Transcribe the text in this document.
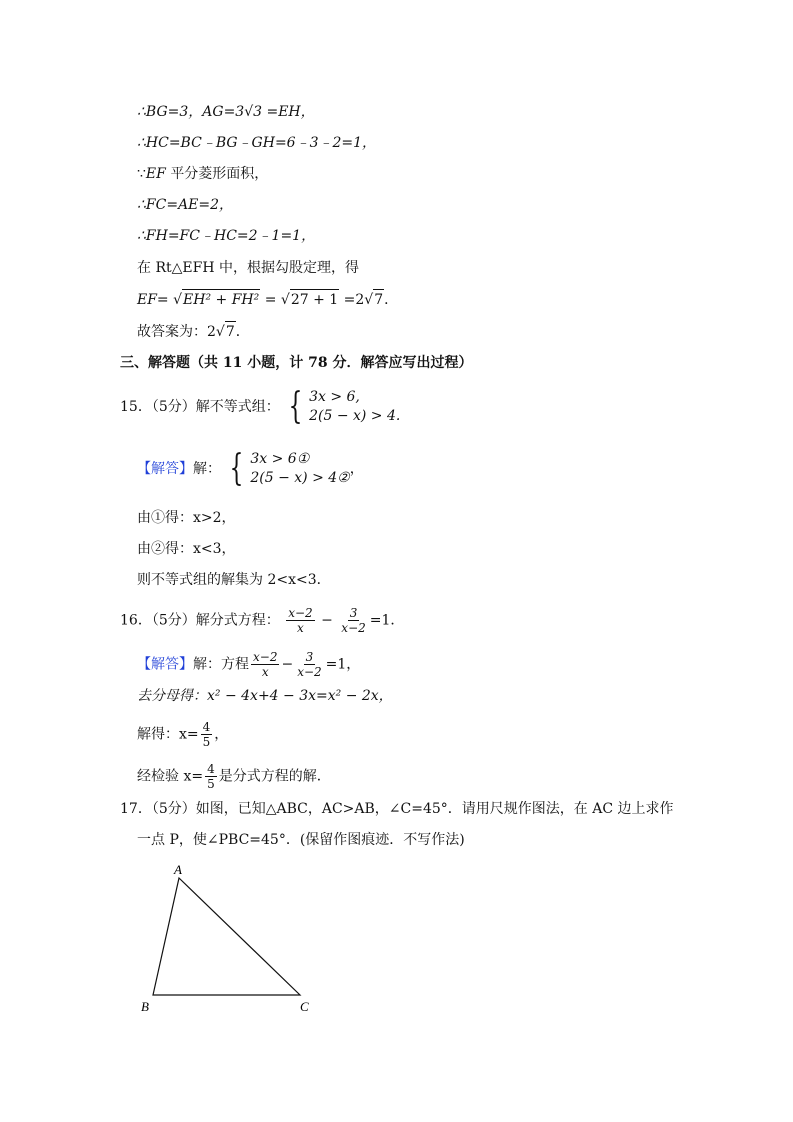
∴BG=3，AG=3√3 =EH，
∴HC=BC﹣BG﹣GH=6﹣3﹣2=1，
∵EF 平分菱形面积，
∴FC=AE=2，
∴FH=FC﹣HC=2﹣1=1，
在 Rt△EFH 中，根据勾股定理，得
EF= √EH² + FH² = √27 + 1 =2√7．
故答案为：2√7．
三、解答题（共 11 小题，计 78 分．解答应写出过程）
15．（5分）解不等式组： { 3x > 6,
2(5 − x) > 4.
【解答】解： { 3x > 6①
2(5 − x) > 4②
，
由①得：x>2，
由②得：x<3，
则不等式组的解集为 2<x<3．
16．（5分）解分式方程： $\frac{x-2}{x} - \frac{3}{x-2} =1$．
【解答】解：方程 $\frac{x-2}{x} - \frac{3}{x-2} =1$，
去分母得：x² − 4x+4 − 3x=x² − 2x，
解得：$x= \frac{4}{5}$ ，
经检验 $x= \frac{4}{5}$ 是分式方程的解．
17．（5分）如图，已知△ABC，AC>AB，∠C=45°．请用尺规作图法，在 AC 边上求作
一点 P，使∠PBC=45°．(保留作图痕迹．不写作法)
A
B	C
